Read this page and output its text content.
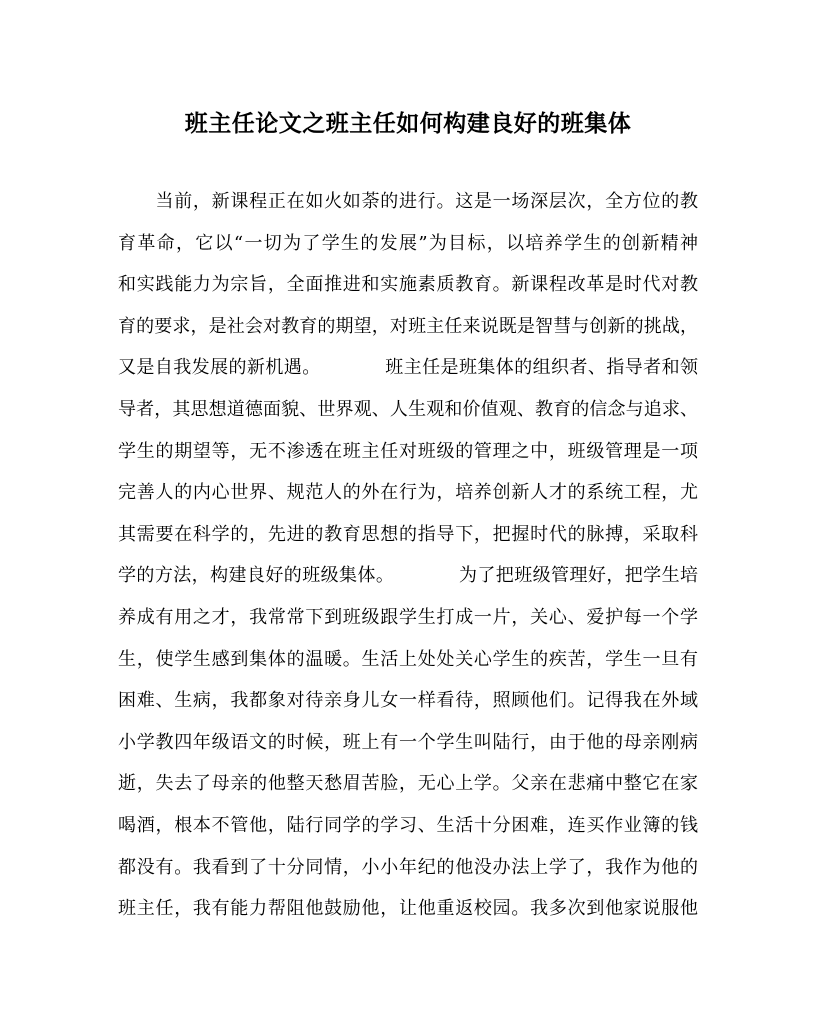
班主任论文之班主任如何构建良好的班集体
　　当前，新课程正在如火如荼的进行。这是一场深层次，全方位的教
育革命，它以“一切为了学生的发展”为目标，以培养学生的创新精神
和实践能力为宗旨，全面推进和实施素质教育。新课程改革是时代对教
育的要求，是社会对教育的期望，对班主任来说既是智彗与创新的挑战，
又是自我发展的新机遇。　　　　班主任是班集体的组织者、指导者和领
导者，其思想道德面貌、世界观、人生观和价值观、教育的信念与追求、
学生的期望等，无不渗透在班主任对班级的管理之中，班级管理是一项
完善人的内心世界、规范人的外在行为，培养创新人才的系统工程，尤
其需要在科学的，先进的教育思想的指导下，把握时代的脉搏，采取科
学的方法，构建良好的班级集体。　　　　为了把班级管理好，把学生培
养成有用之才，我常常下到班级跟学生打成一片，关心、爱护每一个学
生，使学生感到集体的温暖。生活上处处关心学生的疾苦，学生一旦有
困难、生病，我都象对待亲身儿女一样看待，照顾他们。记得我在外域
小学教四年级语文的时候，班上有一个学生叫陆行，由于他的母亲刚病
逝，失去了母亲的他整天愁眉苦脸，无心上学。父亲在悲痛中整它在家
喝酒，根本不管他，陆行同学的学习、生活十分困难，连买作业簿的钱
都没有。我看到了十分同情，小小年纪的他没办法上学了，我作为他的
班主任，我有能力帮阻他鼓励他，让他重返校园。我多次到他家说服他
